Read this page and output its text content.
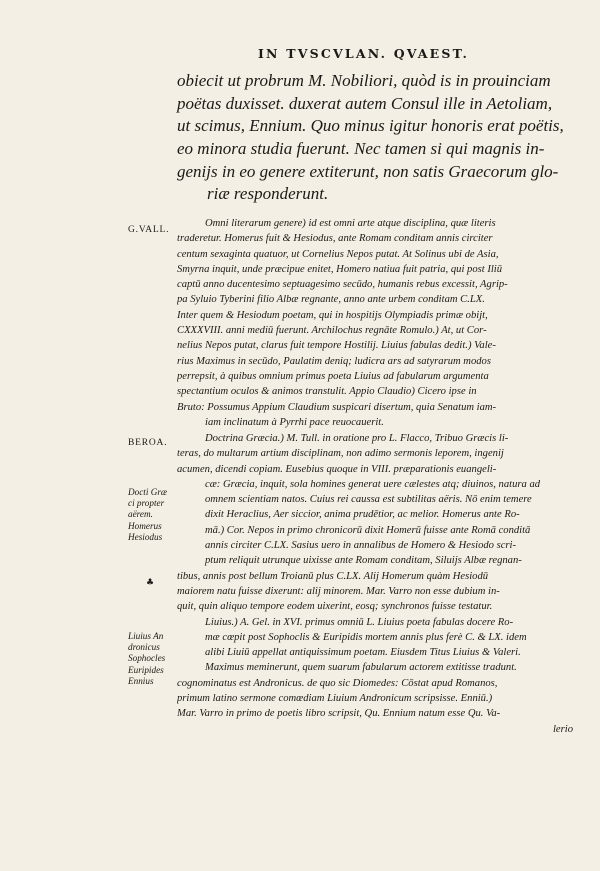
IN TVSCVLAN. QVAEST.
obiecit ut probrum M. Nobiliori, quòd is in prouinciam
poëtas duxisset. duxerat autem Consul ille in Aetoliam,
ut scimus, Ennium. Quo minus igitur honoris erat poëtis,
eo minora studia fuerunt. Nec tamen si qui magnis in-
genijs in eo genere extiterunt, non satis Graecorum glo-
riæ responderunt.
G.VALL.
BEROA.
Docti Græ
ci propter
aërem.
Homerus
Hesiodus
♣
Liuius An
dronicus
Sophocles
Euripides
Ennius
Omni literarum genere) id est omni arte atque disciplina, quæ literis
traderetur. Homerus fuit & Hesiodus, ante Romam conditam annis circiter
centum sexaginta quatuor, ut Cornelius Nepos putat. At Solinus ubi de Asia,
Smyrna inquit, unde præcipue enitet, Homero natiua fuit patria, qui post Iliū
captū anno ducentesimo septuagesimo secūdo, humanis rebus excessit, Agrip-
pa Syluio Tyberini filio Albæ regnante, anno ante urbem conditam C.LX.
Inter quem & Hesiodum poetam, qui in hospitijs Olympiadis primæ obijt,
CXXXVIII. anni mediū fuerunt. Archilochus regnāte Romulo.) At, ut Cor-
nelius Nepos putat, clarus fuit tempore Hostilij. Liuius fabulas dedit.) Vale-
rius Maximus in secūdo, Paulatim deniq; ludicra ars ad satyrarum modos
perrepsit, à quibus omnium primus poeta Liuius ad fabularum argumenta
spectantium oculos & animos transtulit. Appio Claudio) Cicero ipse in
Bruto: Possumus Appium Claudium suspicari disertum, quia Senatum iam-
iam inclinatum à Pyrrhi pace reuocauerit.
Doctrina Græcia.) M. Tull. in oratione pro L. Flacco, Tribuo Græcis li-
teras, do multarum artium disciplinam, non adimo sermonis leporem, ingenij
acumen, dicendi copiam. Eusebius quoque in VIII. præparationis euangeli-
cæ: Græcia, inquit, sola homines generat uere cælestes atq; diuinos, natura ad
omnem scientiam natos. Cuius rei caussa est subtilitas aëris. Nō enim temere
dixit Heraclius, Aer siccior, anima prudētior, ac melior. Homerus ante Ro-
mā.) Cor. Nepos in primo chronicorū dixit Homerū fuisse ante Romā conditā
annis circiter C.LX. Sasius uero in annalibus de Homero & Hesiodo scri-
ptum reliquit utrunque uixisse ante Romam conditam, Siluijs Albæ regnan-
tibus, annis post bellum Troianū plus C.LX. Alij Homerum quàm Hesiodū
maiorem natu fuisse dixerunt: alij minorem. Mar. Varro non esse dubium in-
quit, quin aliquo tempore eodem uixerint, eosq; synchronos fuisse testatur.
Liuius.) A. Gel. in XVI. primus omniū L. Liuius poeta fabulas docere Ro-
mæ cœpit post Sophoclis & Euripidis mortem annis plus ferè C. & LX. idem
alibi Liuiū appellat antiquissimum poetam. Eiusdem Titus Liuius & Valeri.
Maximus meminerunt, quem suarum fabularum actorem extitisse tradunt.
cognominatus est Andronicus. de quo sic Diomedes: Cōstat apud Romanos,
primum latino sermone comœdiam Liuium Andronicum scripsisse. Enniū.)
Mar. Varro in primo de poetis libro scripsit, Qu. Ennium natum esse Qu. Va-
lerio
